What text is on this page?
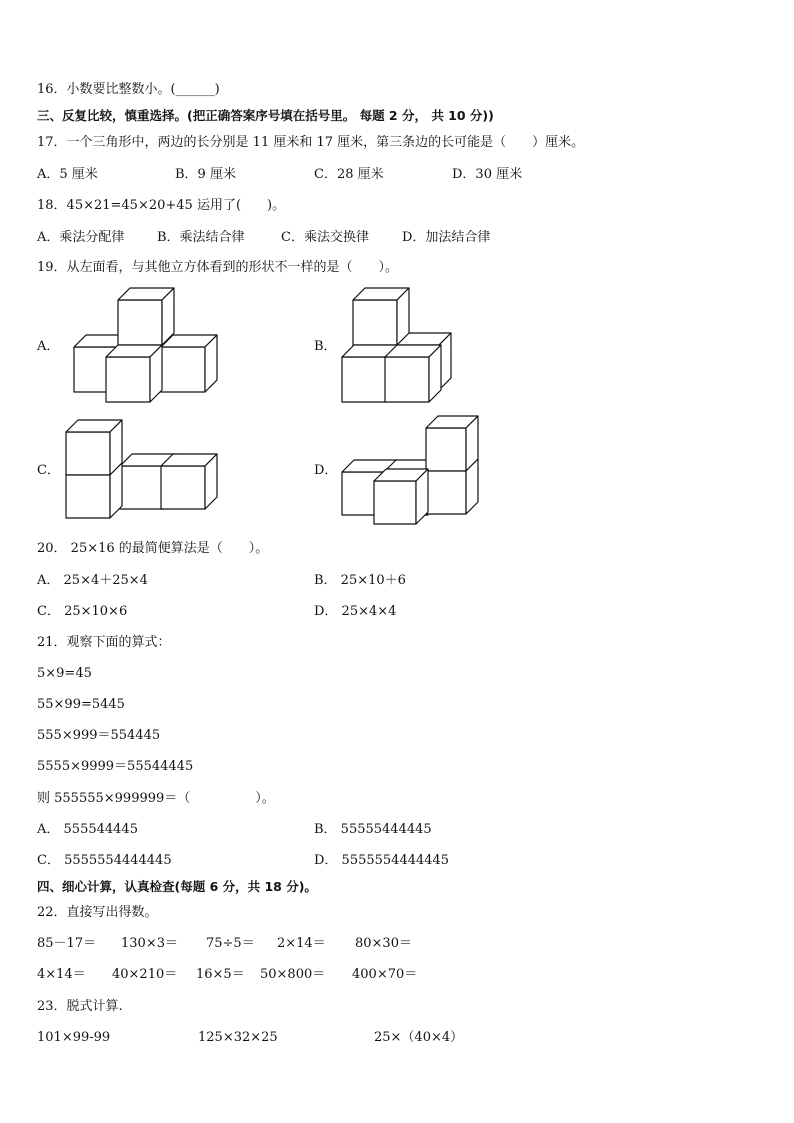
16．小数要比整数小。(______)
三、反复比较，慎重选择。(把正确答案序号填在括号里。 每题 2 分， 共 10 分))
17．一个三角形中，两边的长分别是 11 厘米和 17 厘米，第三条边的长可能是（　　）厘米。
A．5 厘米	B．9 厘米	C．28 厘米	D．30 厘米
18．45×21=45×20+45 运用了(　　)。
A．乘法分配律	B．乘法结合律	C．乘法交换律	D．加法结合律
19．从左面看，与其他立方体看到的形状不一样的是（　　）。
A．	B．
C．	D．
20． 25×16 的最简便算法是（　　）。
A． 25×4＋25×4	B． 25×10＋6
C． 25×10×6	D． 25×4×4
21．观察下面的算式：
5×9=45
55×99=5445
555×999＝554445
5555×9999＝55544445
则 555555×999999＝（　　　　　）。
A． 555544445	B． 55555444445
C． 5555554444445	D． 5555554444445
四、细心计算，认真检查(每题 6 分，共 18 分)。
22．直接写出得数。
85－17＝ 130×3＝ 75÷5＝ 2×14＝ 80×30＝
4×14＝ 40×210＝ 16×5＝ 50×800＝ 400×70＝
23．脱式计算.
101×99-99	125×32×25	25×（40×4）
